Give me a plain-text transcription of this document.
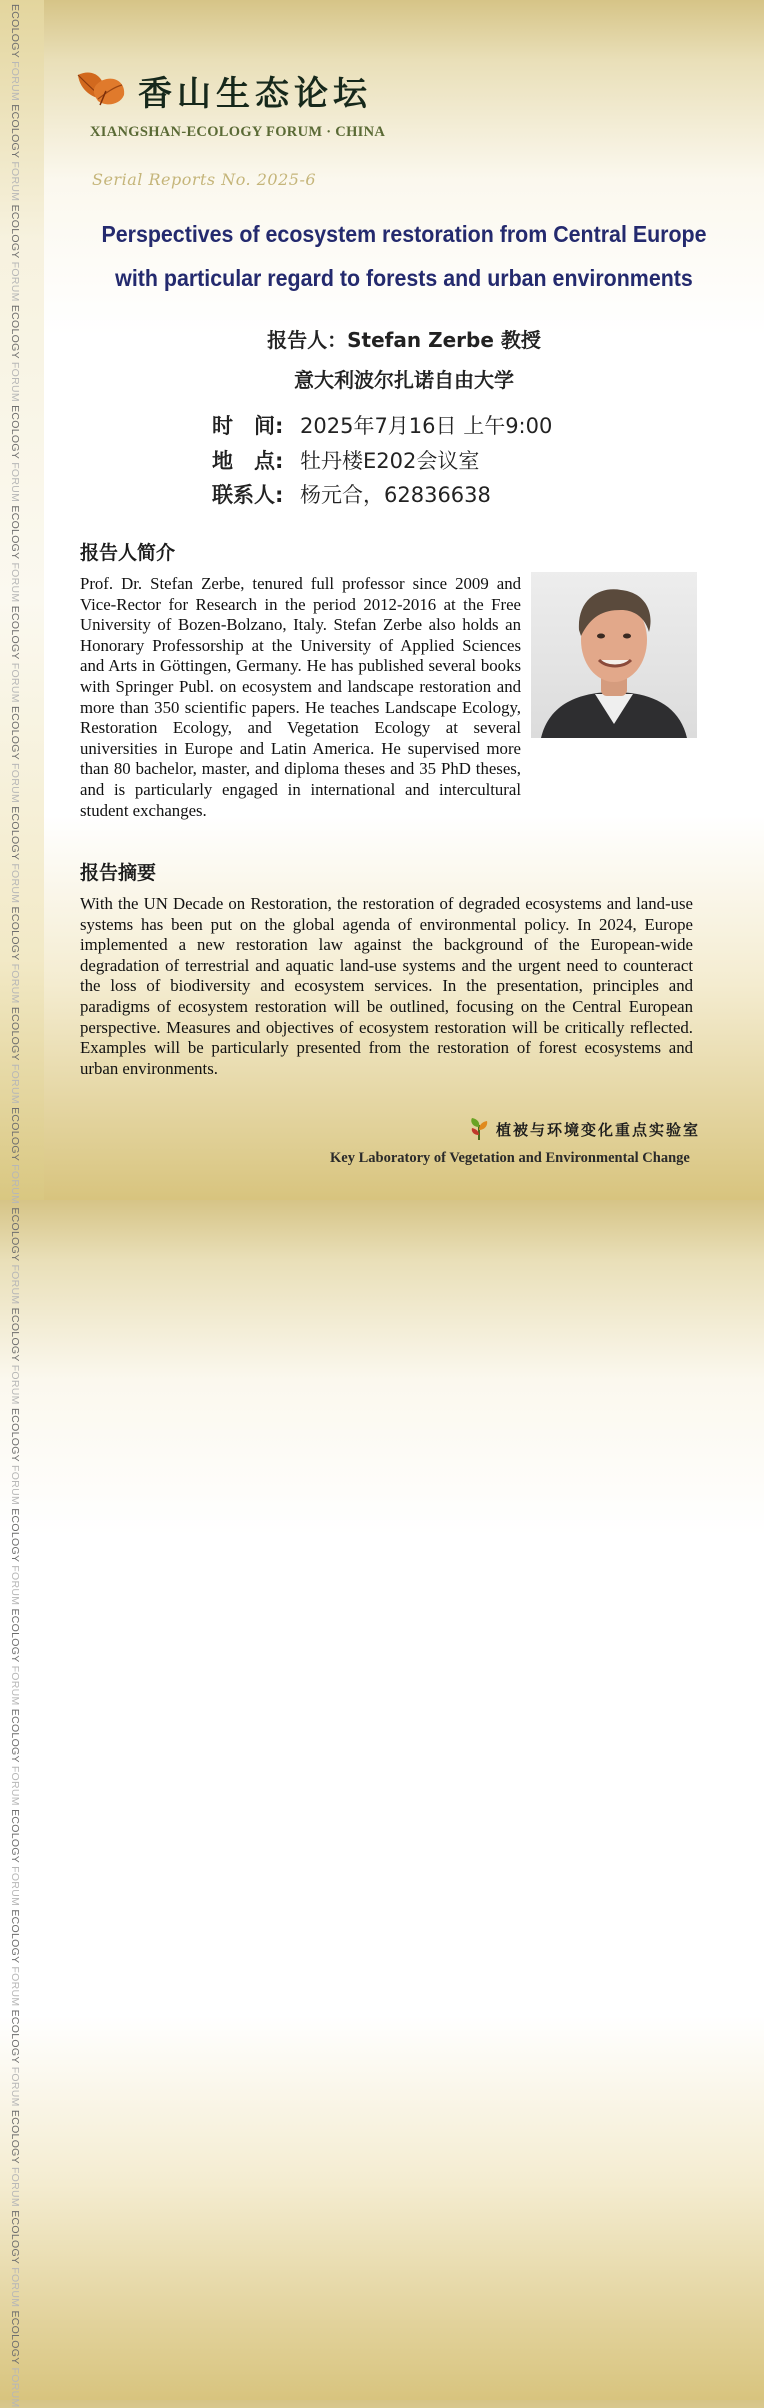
ECOLOGY FORUM ECOLOGY FORUM ECOLOGY FORUM ECOLOGY FORUM ECOLOGY FORUM ECOLOGY FORUM ECOLOGY FORUM ECOLOGY FORUM ECOLOGY FORUM ECOLOGY FORUM ECOLOGY FORUM ECOLOGY FORUM ECOLOGY FORUM ECOLOGY FORUM ECOLOGY FORUM ECOLOGY FORUM ECOLOGY FORUM ECOLOGY FORUM ECOLOGY FORUM ECOLOGY FORUM ECOLOGY FORUM ECOLOGY FORUM ECOLOGY FORUM ECOLOGY FORUM
香山生态论坛
XIANGSHAN-ECOLOGY FORUM · CHINA
Serial Reports No. 2025-6
Perspectives of ecosystem restoration from Central Europe
with particular regard to forests and urban environments
报告人：Stefan Zerbe 教授
意大利波尔扎诺自由大学
时　间: 2025年7月16日 上午9:00
地　点: 牡丹楼E202会议室
联系人: 杨元合，62836638
报告人简介
Prof. Dr. Stefan Zerbe, tenured full professor since 2009 and Vice-Rector for Research in the period 2012-2016 at the Free University of Bozen-Bolzano, Italy. Stefan Zerbe also holds an Honorary Professorship at the University of Applied Sciences and Arts in Göttingen, Germany. He has published several books with Springer Publ. on ecosystem and landscape restoration and more than 350 scientific papers. He teaches Landscape Ecology, Restoration Ecology, and Vegetation Ecology at several universities in Europe and Latin America. He supervised more than 80 bachelor, master, and diploma theses and 35 PhD theses, and is particularly engaged in international and intercultural student exchanges.
报告摘要
With the UN Decade on Restoration, the restoration of degraded ecosystems and land-use systems has been put on the global agenda of environmental policy. In 2024, Europe implemented a new restoration law against the background of the European-wide degradation of terrestrial and aquatic land-use systems and the urgent need to counteract the loss of biodiversity and ecosystem services. In the presentation, principles and paradigms of ecosystem restoration will be outlined, focusing on the Central European perspective. Measures and objectives of ecosystem restoration will be critically reflected. Examples will be particularly presented from the restoration of forest ecosystems and urban environments.
植被与环境变化重点实验室
Key Laboratory of Vegetation and Environmental Change
